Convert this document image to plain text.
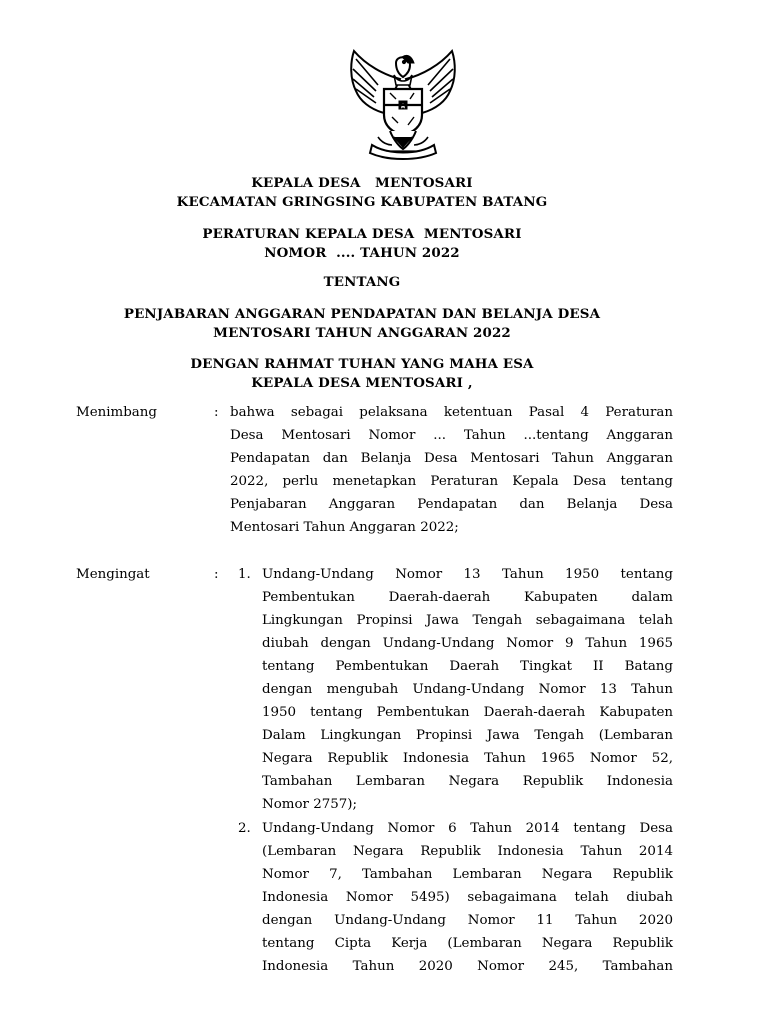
KEPALA DESA   MENTOSARI
KECAMATAN GRINGSING KABUPATEN BATANG
PERATURAN KEPALA DESA  MENTOSARI
NOMOR  .... TAHUN 2022
TENTANG
PENJABARAN ANGGARAN PENDAPATAN DAN BELANJA DESA
MENTOSARI TAHUN ANGGARAN 2022
DENGAN RAHMAT TUHAN YANG MAHA ESA
KEPALA DESA MENTOSARI ,
Menimbang	: bahwa sebagai pelaksana ketentuan Pasal 4 Peraturan
Desa Mentosari Nomor ... Tahun ...tentang Anggaran
Pendapatan dan Belanja Desa Mentosari Tahun Anggaran
2022, perlu menetapkan Peraturan Kepala Desa tentang
Penjabaran Anggaran Pendapatan dan Belanja Desa
Mentosari Tahun Anggaran 2022;
Mengingat	: 1. Undang-Undang Nomor 13 Tahun 1950 tentang
Pembentukan Daerah-daerah Kabupaten dalam
Lingkungan Propinsi Jawa Tengah sebagaimana telah
diubah dengan Undang-Undang Nomor 9 Tahun 1965
tentang Pembentukan Daerah Tingkat II Batang
dengan mengubah Undang-Undang Nomor 13 Tahun
1950 tentang Pembentukan Daerah-daerah Kabupaten
Dalam Lingkungan Propinsi Jawa Tengah (Lembaran
Negara Republik Indonesia Tahun 1965 Nomor 52,
Tambahan Lembaran Negara Republik Indonesia
Nomor 2757);
2. Undang-Undang Nomor 6 Tahun 2014 tentang Desa
(Lembaran Negara Republik Indonesia Tahun 2014
Nomor 7, Tambahan Lembaran Negara Republik
Indonesia Nomor 5495) sebagaimana telah diubah
dengan Undang-Undang Nomor 11 Tahun 2020
tentang Cipta Kerja (Lembaran Negara Republik
Indonesia Tahun 2020 Nomor 245, Tambahan
